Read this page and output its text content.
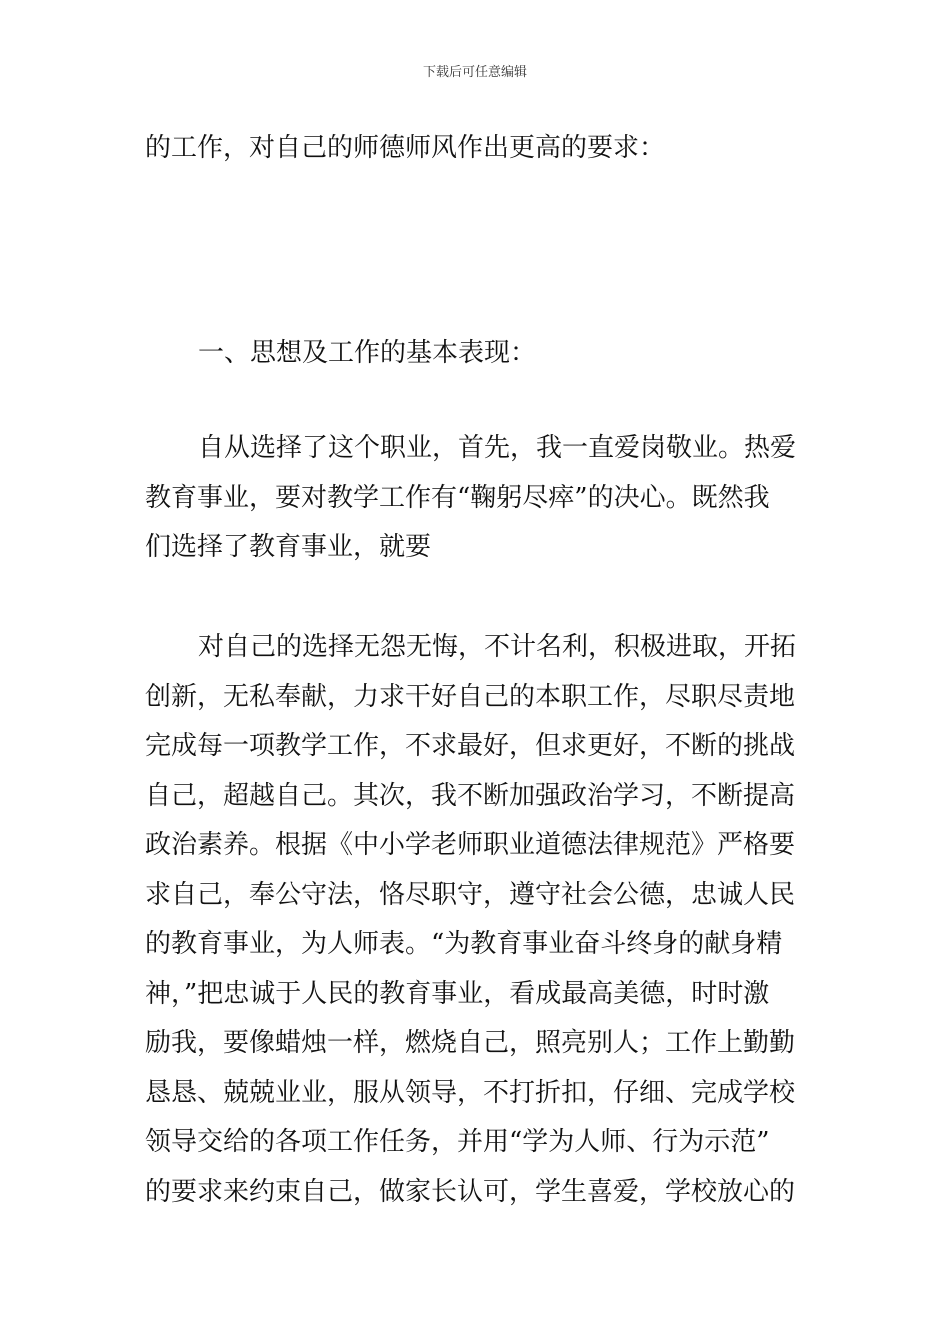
下载后可任意编辑
的工作，对自己的师德师风作出更高的要求：
一、思想及工作的基本表现：
自从选择了这个职业，首先，我一直爱岗敬业。热爱
教育事业，要对教学工作有“鞠躬尽瘁”的决心。既然我
们选择了教育事业，就要
对自己的选择无怨无悔，不计名利，积极进取，开拓
创新，无私奉献，力求干好自己的本职工作，尽职尽责地
完成每一项教学工作，不求最好，但求更好，不断的挑战
自己，超越自己。其次，我不断加强政治学习，不断提高
政治素养。根据《中小学老师职业道德法律规范》严格要
求自己，奉公守法，恪尽职守，遵守社会公德，忠诚人民
的教育事业，为人师表。“为教育事业奋斗终身的献身精
神，”把忠诚于人民的教育事业，看成最高美德，时时激
励我，要像蜡烛一样，燃烧自己，照亮别人；工作上勤勤
恳恳、兢兢业业，服从领导，不打折扣，仔细、完成学校
领导交给的各项工作任务，并用“学为人师、行为示范”
的要求来约束自己，做家长认可，学生喜爱，学校放心的
